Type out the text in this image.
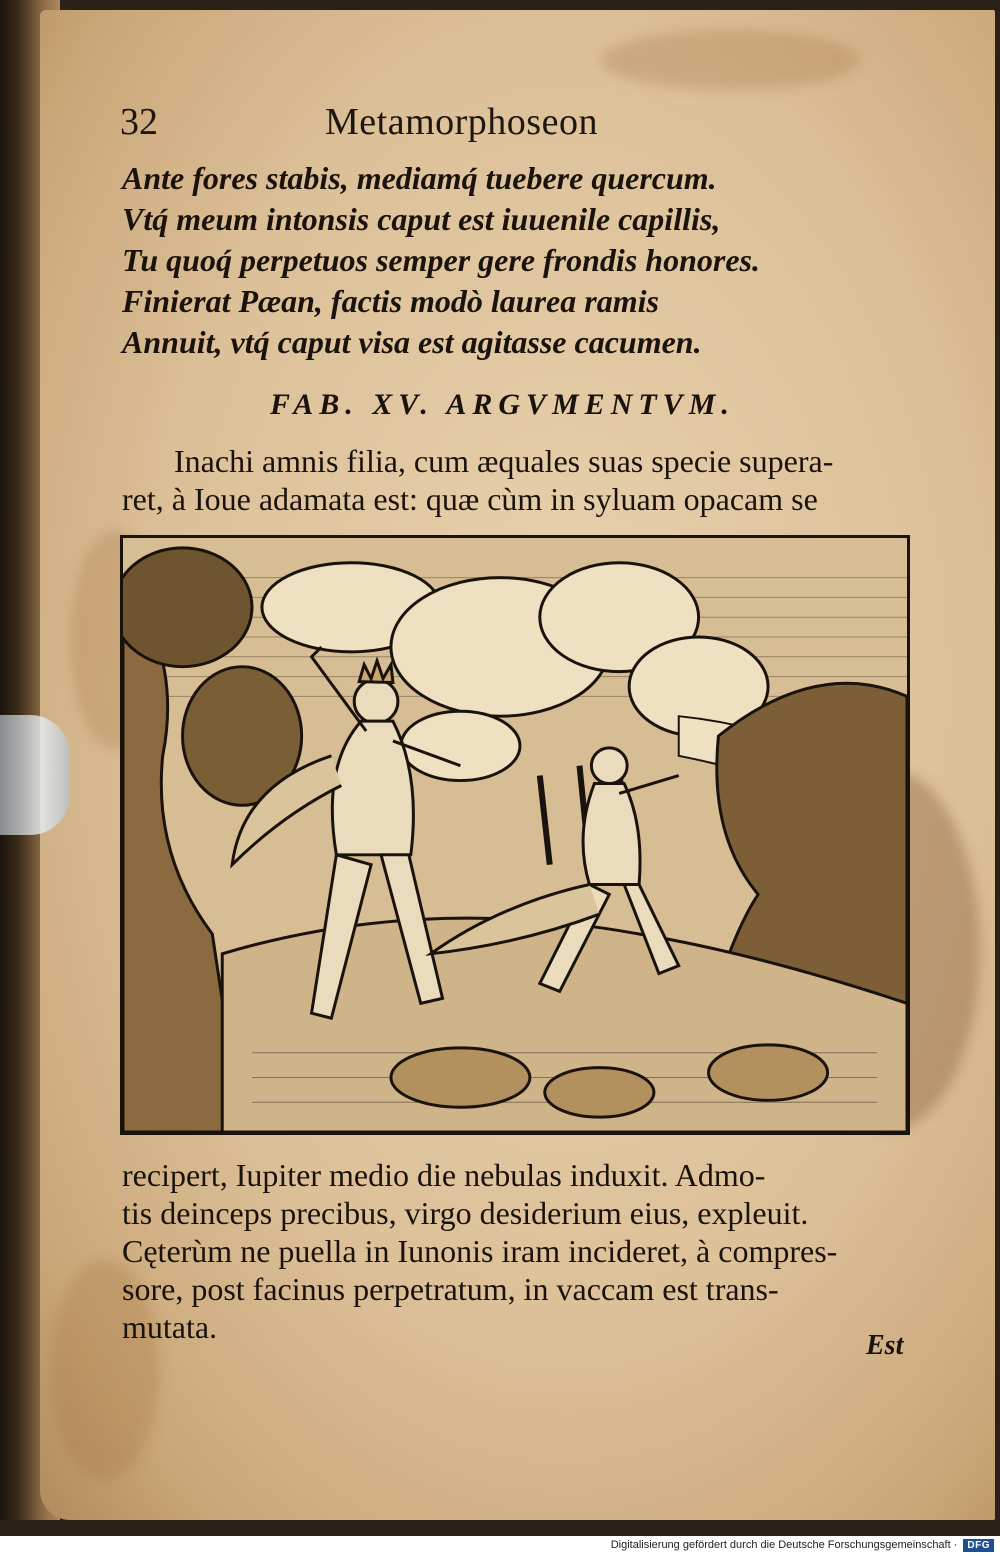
32	Metamorphoseon
Ante fores stabis, mediamq́ tuebere quercum.
Vtq́ meum intonsis caput est iuuenile capillis,
Tu quoq́ perpetuos semper gere frondis honores.
Finierat Pæan, factis modò laurea ramis
Annuit, vtq́ caput visa est agitasse cacumen.
FAB. XV. ARGVMENTVM.
Inachi amnis filia, cum æquales suas specie supera-
ret, à Ioue adamata est: quæ cùm in syluam opacam se
recipert, Iupiter medio die nebulas induxit. Admo-
tis deinceps precibus, virgo desiderium eius, expleuit.
Cęterùm ne puella in Iunonis iram incideret, à compres-
sore, post facinus perpetratum, in vaccam est trans-
mutata.
Est
Digitalisierung gefördert durch die Deutsche Forschungsgemeinschaft ·	DFG
